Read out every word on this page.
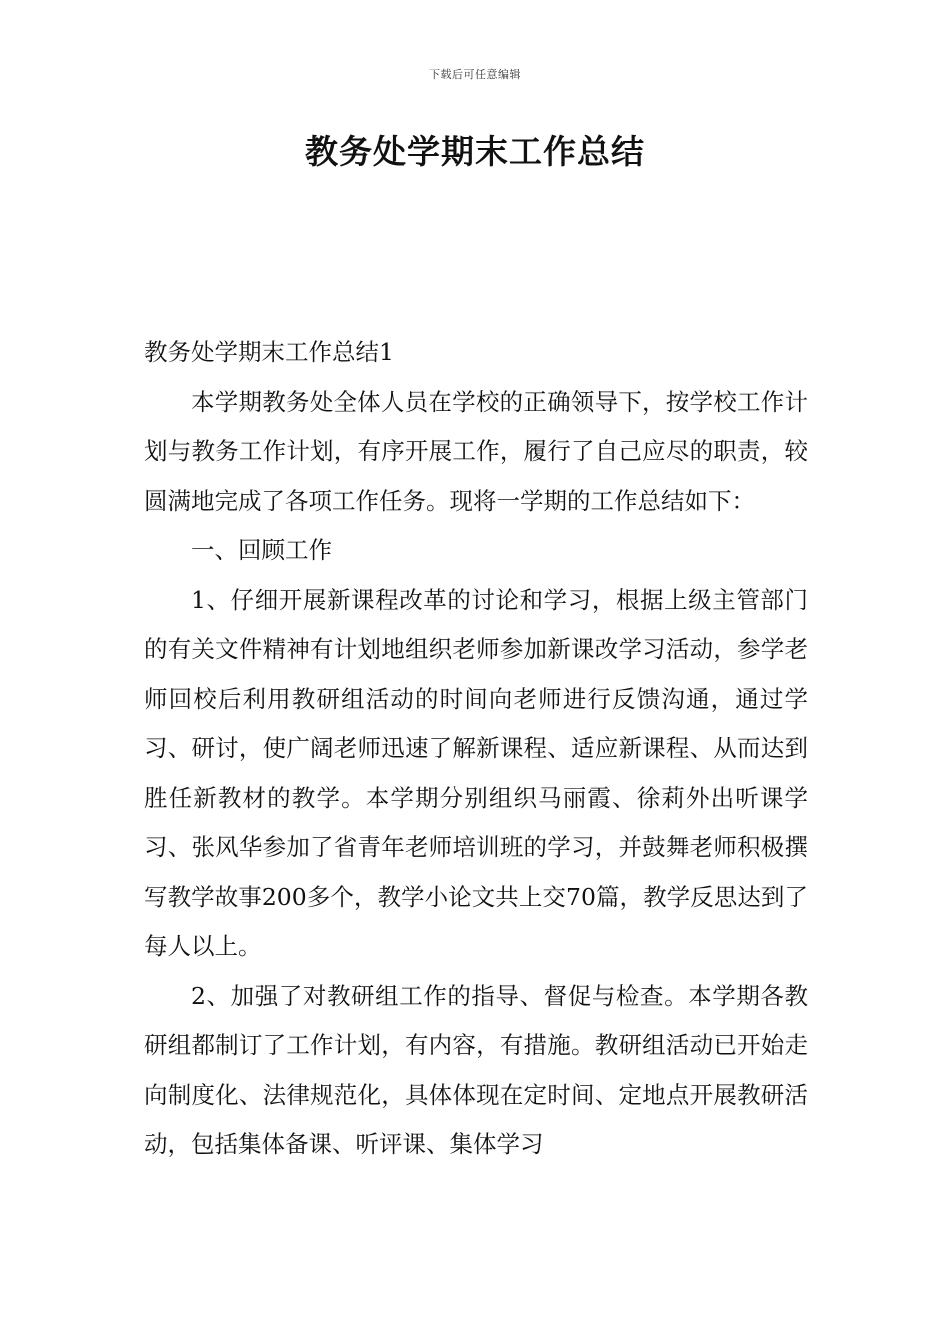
下载后可任意编辑
教务处学期末工作总结

教务处学期末工作总结1

本学期教务处全体人员在学校的正确领导下，按学校工作计划与教务工作计划，有序开展工作，履行了自己应尽的职责，较圆满地完成了各项工作任务。现将一学期的工作总结如下：

一、回顾工作

1、仔细开展新课程改革的讨论和学习，根据上级主管部门的有关文件精神有计划地组织老师参加新课改学习活动，参学老师回校后利用教研组活动的时间向老师进行反馈沟通，通过学习、研讨，使广阔老师迅速了解新课程、适应新课程、从而达到胜任新教材的教学。本学期分别组织马丽霞、徐莉外出听课学习、张风华参加了省青年老师培训班的学习，并鼓舞老师积极撰写教学故事200多个，教学小论文共上交70篇，教学反思达到了每人以上。

2、加强了对教研组工作的指导、督促与检查。本学期各教研组都制订了工作计划，有内容，有措施。教研组活动已开始走向制度化、法律规范化，具体体现在定时间、定地点开展教研活动，包括集体备课、听评课、集体学习
